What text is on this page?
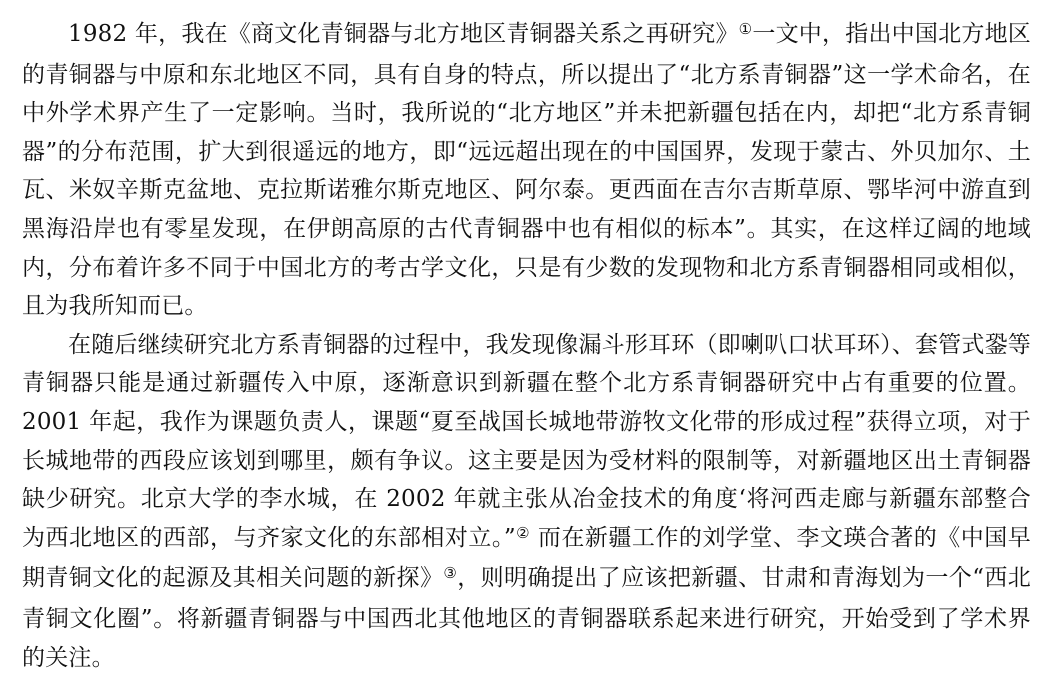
1982 年，我在《商文化青铜器与北方地区青铜器关系之再研究》①一文中，指出中国北方地区的青铜器与中原和东北地区不同，具有自身的特点，所以提出了“北方系青铜器”这一学术命名，在中外学术界产生了一定影响。当时，我所说的“北方地区”并未把新疆包括在内，却把“北方系青铜器”的分布范围，扩大到很遥远的地方，即“远远超出现在的中国国界，发现于蒙古、外贝加尔、土瓦、米奴辛斯克盆地、克拉斯诺雅尔斯克地区、阿尔泰。更西面在吉尔吉斯草原、鄂毕河中游直到黑海沿岸也有零星发现，在伊朗高原的古代青铜器中也有相似的标本”。其实，在这样辽阔的地域内，分布着许多不同于中国北方的考古学文化，只是有少数的发现物和北方系青铜器相同或相似，且为我所知而已。

在随后继续研究北方系青铜器的过程中，我发现像漏斗形耳环（即喇叭口状耳环）、套管式銎等青铜器只能是通过新疆传入中原，逐渐意识到新疆在整个北方系青铜器研究中占有重要的位置。2001 年起，我作为课题负责人，课题“夏至战国长城地带游牧文化带的形成过程”获得立项，对于长城地带的西段应该划到哪里，颇有争议。这主要是因为受材料的限制等，对新疆地区出土青铜器缺少研究。北京大学的李水城，在 2002 年就主张从冶金技术的角度‘将河西走廊与新疆东部整合为西北地区的西部，与齐家文化的东部相对立。”② 而在新疆工作的刘学堂、李文瑛合著的《中国早期青铜文化的起源及其相关问题的新探》③，则明确提出了应该把新疆、甘肃和青海划为一个“西北青铜文化圈”。将新疆青铜器与中国西北其他地区的青铜器联系起来进行研究，开始受到了学术界的关注。
